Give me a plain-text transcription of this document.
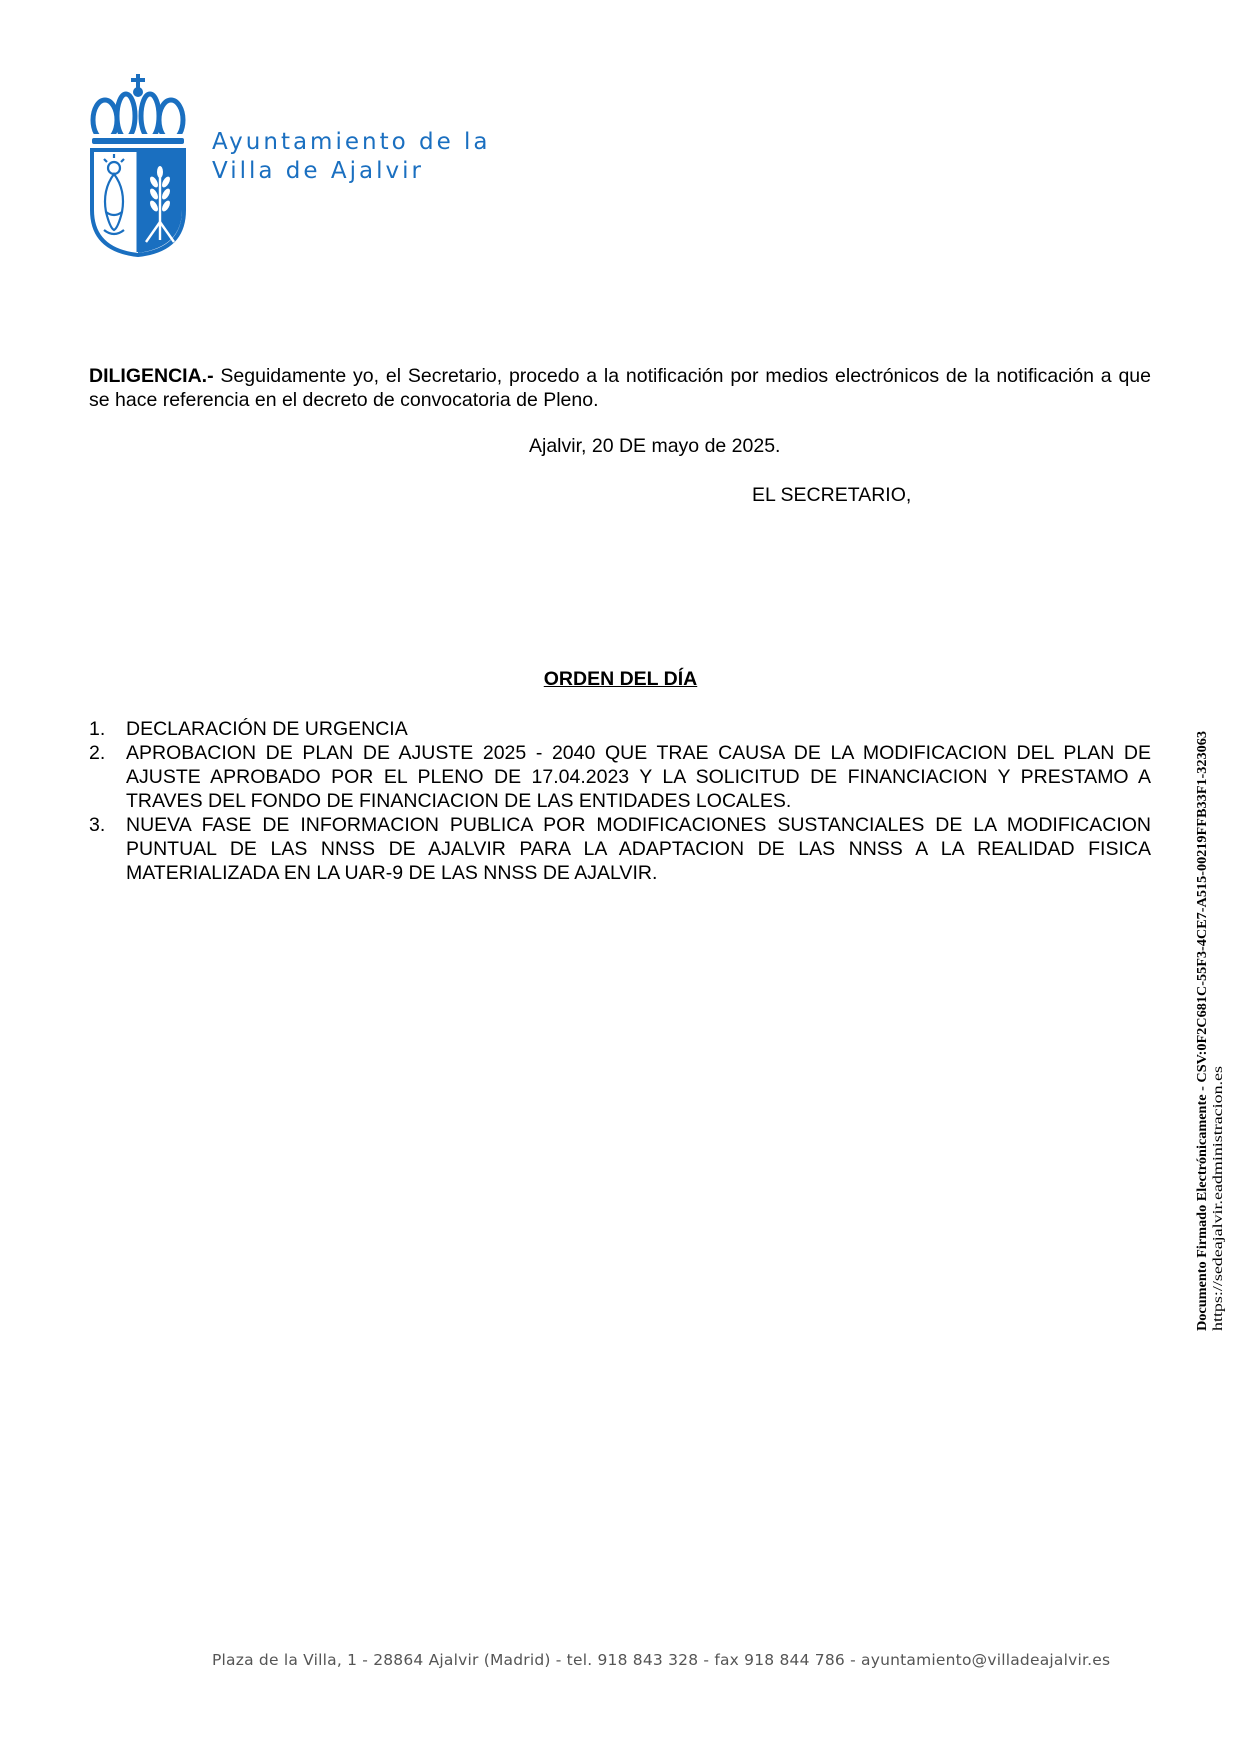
Ayuntamiento de la
Villa de Ajalvir
DILIGENCIA.- Seguidamente yo, el Secretario, procedo a la notificación por medios electrónicos de la notificación a que se hace referencia en el decreto de convocatoria de Pleno.
Ajalvir, 20 DE mayo de 2025.
EL SECRETARIO,
ORDEN DEL DÍA
1. DECLARACIÓN DE URGENCIA
2. APROBACION DE PLAN DE AJUSTE 2025 - 2040 QUE TRAE CAUSA DE LA MODIFICACION DEL PLAN DE AJUSTE APROBADO POR EL PLENO DE 17.04.2023 Y LA SOLICITUD DE FINANCIACION Y PRESTAMO A TRAVES DEL FONDO DE FINANCIACION DE LAS ENTIDADES LOCALES.
3. NUEVA FASE DE INFORMACION PUBLICA POR MODIFICACIONES SUSTANCIALES DE LA MODIFICACION PUNTUAL DE LAS NNSS DE AJALVIR PARA LA ADAPTACION DE LAS NNSS A LA REALIDAD FISICA MATERIALIZADA EN LA UAR-9 DE LAS NNSS DE AJALVIR.	Documento Firmado Electrónicamente - CSV:0F2C681C-55F3-4CE7-A515-00219FFB33F1-323063 https://sedeajalvir.eadministracion.es
Plaza de la Villa, 1 - 28864 Ajalvir (Madrid) - tel. 918 843 328 - fax 918 844 786 - ayuntamiento@villadeajalvir.es
